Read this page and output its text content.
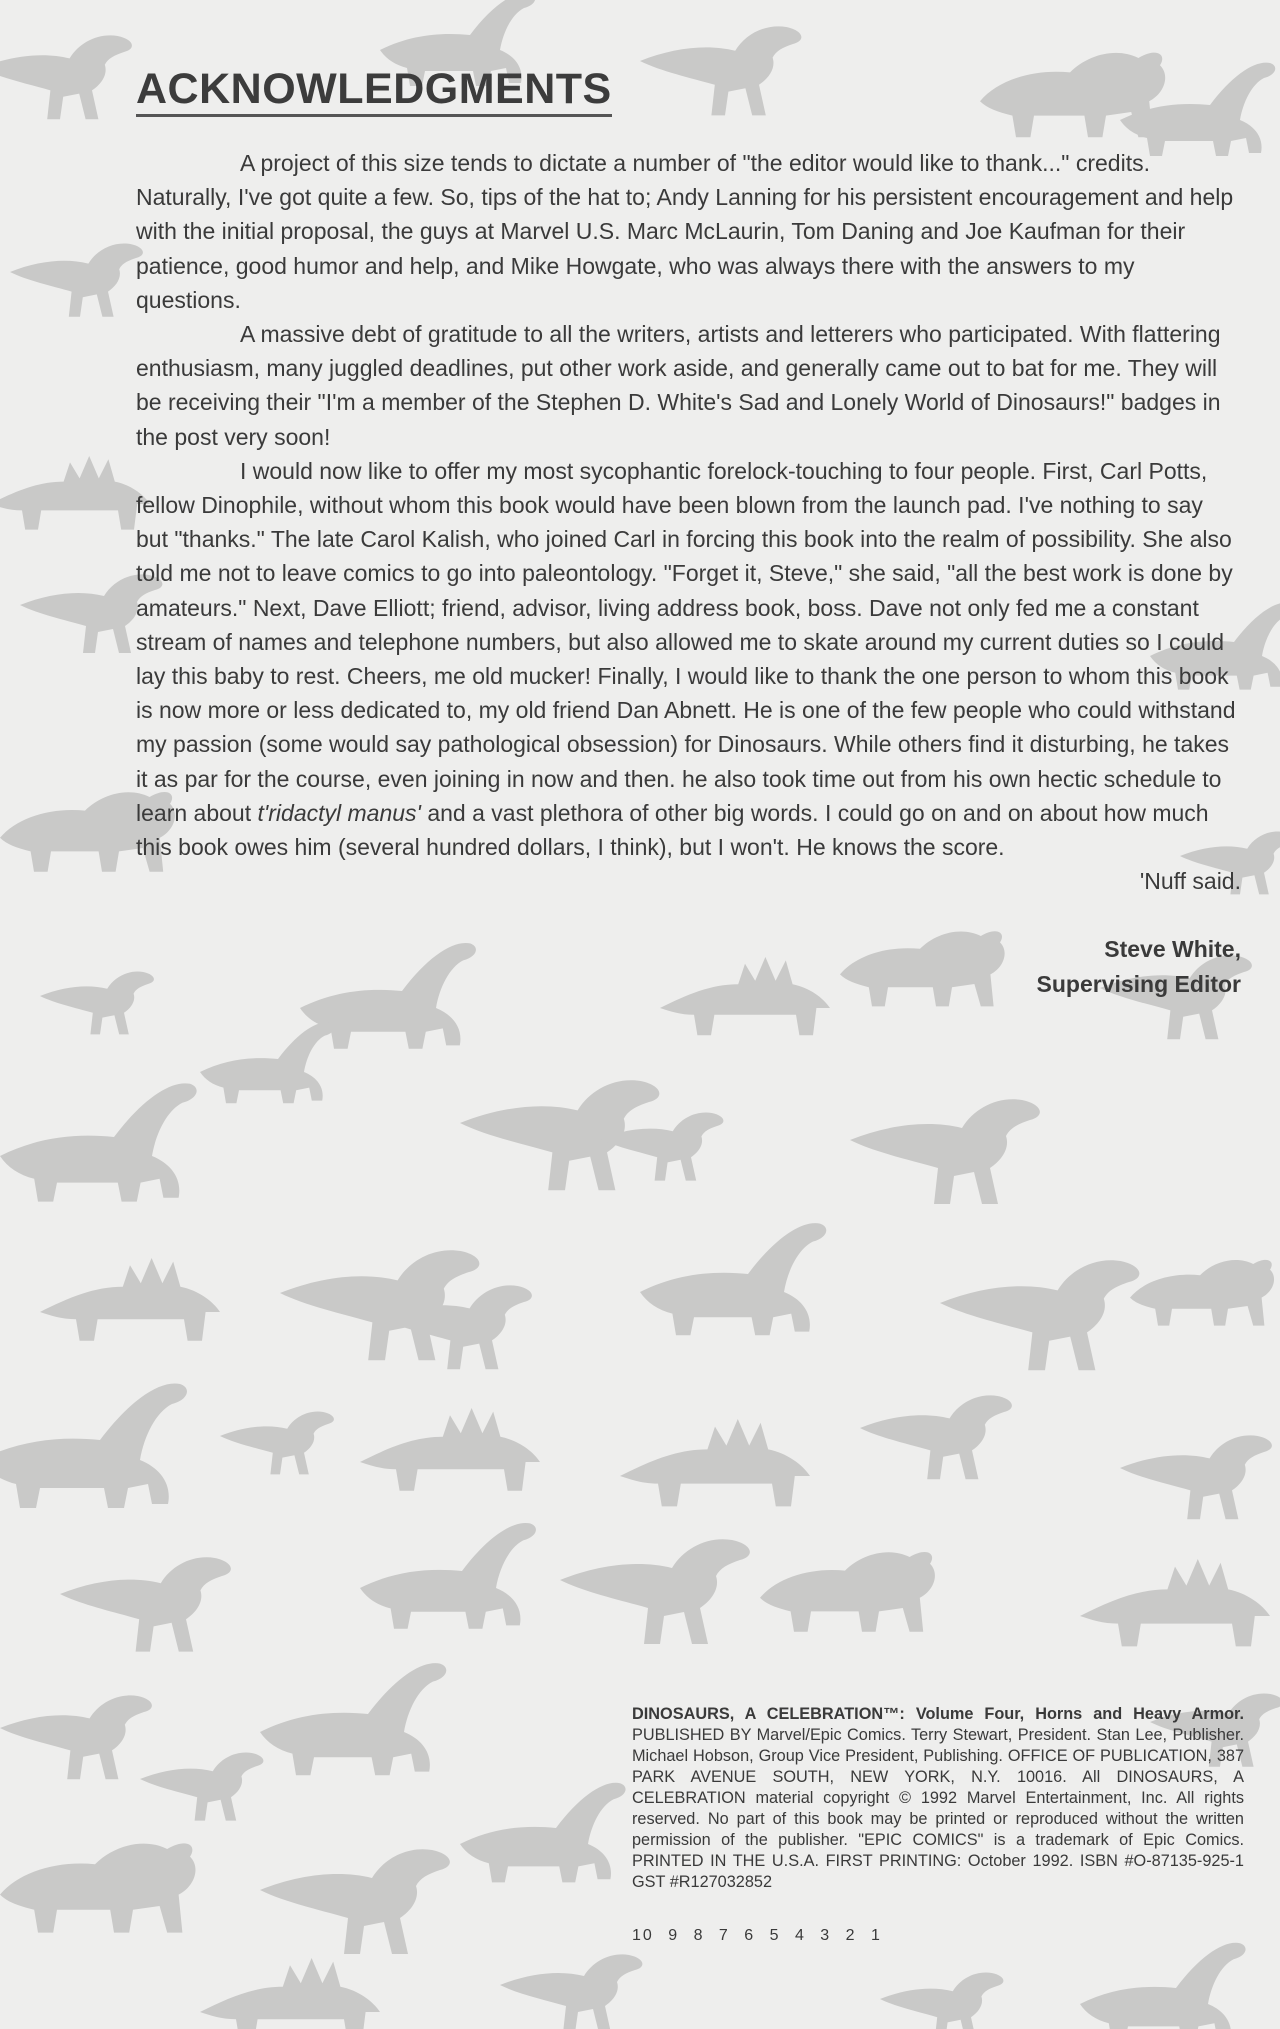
ACKNOWLEDGMENTS

A project of this size tends to dictate a number of "the editor would like to thank..." credits. Naturally, I've got quite a few. So, tips of the hat to; Andy Lanning for his persistent encouragement and help with the initial proposal, the guys at Marvel U.S. Marc McLaurin, Tom Daning and Joe Kaufman for their patience, good humor and help, and Mike Howgate, who was always there with the answers to my questions.

A massive debt of gratitude to all the writers, artists and letterers who participated. With flattering enthusiasm, many juggled deadlines, put other work aside, and generally came out to bat for me. They will be receiving their "I'm a member of the Stephen D. White's Sad and Lonely World of Dinosaurs!" badges in the post very soon!

I would now like to offer my most sycophantic forelock-touching to four people. First, Carl Potts, fellow Dinophile, without whom this book would have been blown from the launch pad. I've nothing to say but "thanks." The late Carol Kalish, who joined Carl in forcing this book into the realm of possibility. She also told me not to leave comics to go into paleontology. "Forget it, Steve," she said, "all the best work is done by amateurs." Next, Dave Elliott; friend, advisor, living address book, boss. Dave not only fed me a constant stream of names and telephone numbers, but also allowed me to skate around my current duties so I could lay this baby to rest. Cheers, me old mucker! Finally, I would like to thank the one person to whom this book is now more or less dedicated to, my old friend Dan Abnett. He is one of the few people who could withstand my passion (some would say pathological obsession) for Dinosaurs. While others find it disturbing, he takes it as par for the course, even joining in now and then. he also took time out from his own hectic schedule to learn about t'ridactyl manus' and a vast plethora of other big words. I could go on and on about how much this book owes him (several hundred dollars, I think), but I won't. He knows the score.

'Nuff said.

Steve White,
Supervising Editor
DINOSAURS, A CELEBRATION™: Volume Four, Horns and Heavy Armor. PUBLISHED BY Marvel/Epic Comics. Terry Stewart, President. Stan Lee, Publisher. Michael Hobson, Group Vice President, Publishing. OFFICE OF PUBLICATION, 387 PARK AVENUE SOUTH, NEW YORK, N.Y. 10016. All DINOSAURS, A CELEBRATION material copyright © 1992 Marvel Entertainment, Inc. All rights reserved. No part of this book may be printed or reproduced without the written permission of the publisher. "EPIC COMICS" is a trademark of Epic Comics. PRINTED IN THE U.S.A. FIRST PRINTING: October 1992. ISBN #O-87135-925-1 GST #R127032852
10 9 8 7 6 5 4 3 2 1
